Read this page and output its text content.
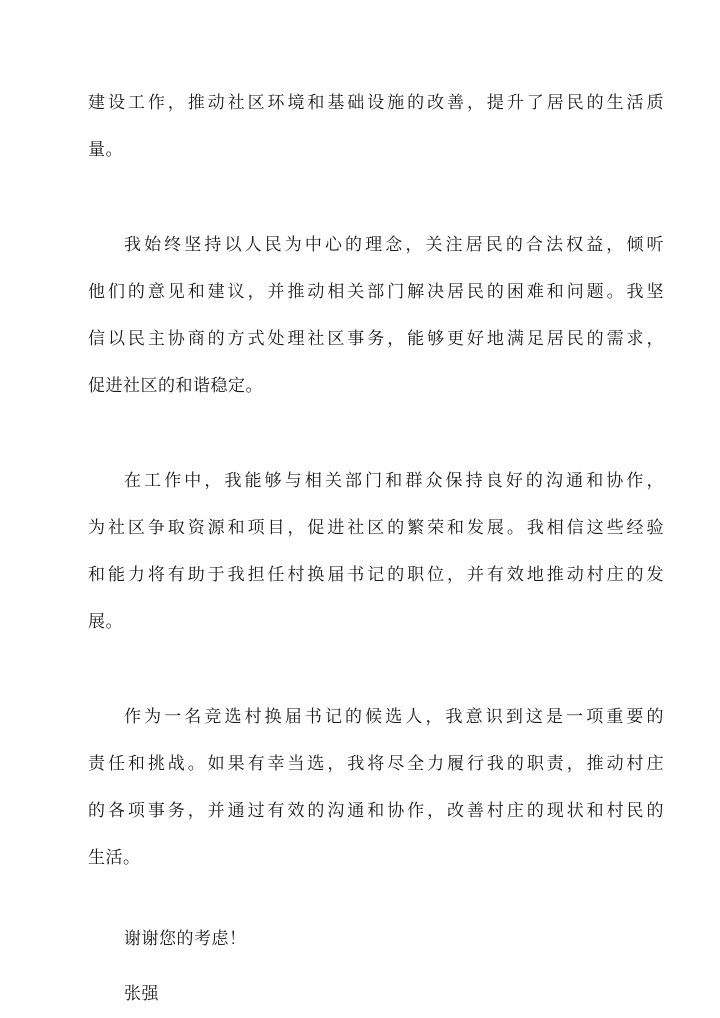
建设工作，推动社区环境和基础设施的改善，提升了居民的生活质
量。
我始终坚持以人民为中心的理念，关注居民的合法权益，倾听
他们的意见和建议，并推动相关部门解决居民的困难和问题。我坚
信以民主协商的方式处理社区事务，能够更好地满足居民的需求，
促进社区的和谐稳定。
在工作中，我能够与相关部门和群众保持良好的沟通和协作，
为社区争取资源和项目，促进社区的繁荣和发展。我相信这些经验
和能力将有助于我担任村换届书记的职位，并有效地推动村庄的发
展。
作为一名竞选村换届书记的候选人，我意识到这是一项重要的
责任和挑战。如果有幸当选，我将尽全力履行我的职责，推动村庄
的各项事务，并通过有效的沟通和协作，改善村庄的现状和村民的
生活。
谢谢您的考虑！
张强
